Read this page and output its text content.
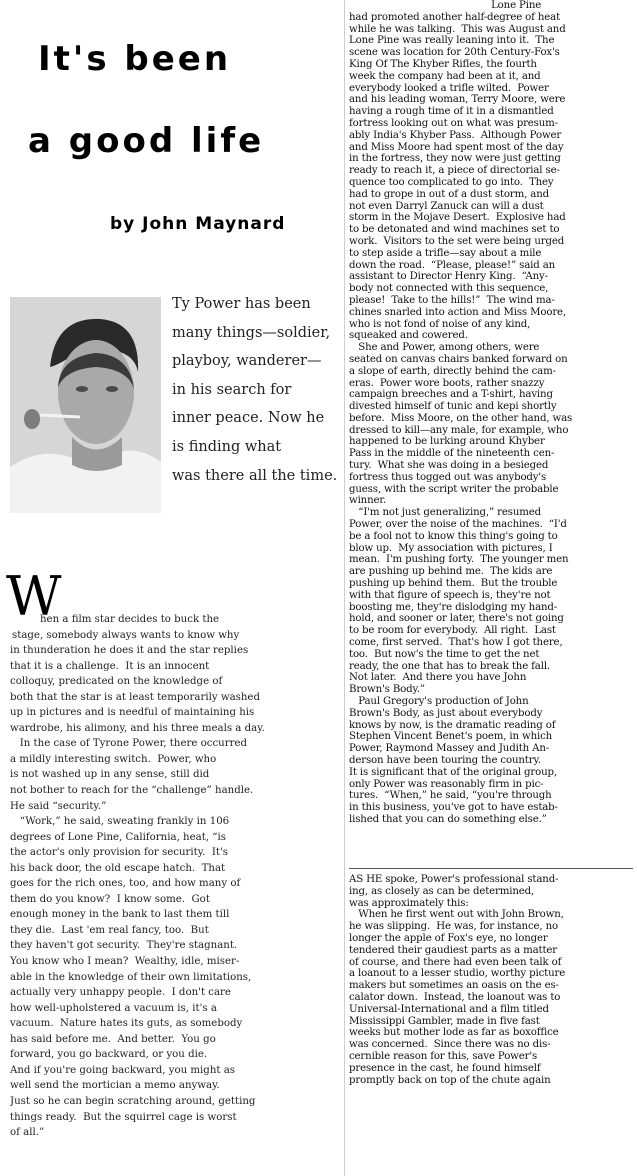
It's been
a good life
by John Maynard
Ty Power has been
many things—soldier,
playboy, wanderer—
in his search for
inner peace. Now he
is finding what
was there all the time.
W
hen a film star decides to buck the
stage, somebody always wants to know why
in thunderation he does it and the star replies
that it is a challenge.  It is an innocent
colloquy, predicated on the knowledge of
both that the star is at least temporarily washed
up in pictures and is needful of maintaining his
wardrobe, his alimony, and his three meals a day.
In the case of Tyrone Power, there occurred
a mildly interesting switch.  Power, who
is not washed up in any sense, still did
not bother to reach for the “challenge” handle.
He said “security.”
“Work,” he said, sweating frankly in 106
degrees of Lone Pine, California, heat, “is
the actor's only provision for security.  It's
his back door, the old escape hatch.  That
goes for the rich ones, too, and how many of
them do you know?  I know some.  Got
enough money in the bank to last them till
they die.  Last 'em real fancy, too.  But
they haven't got security.  They're stagnant.
You know who I mean?  Wealthy, idle, miser-
able in the knowledge of their own limitations,
actually very unhappy people.  I don't care
how well-upholstered a vacuum is, it's a
vacuum.  Nature hates its guts, as somebody
has said before me.  And better.  You go
forward, you go backward, or you die.
And if you're going backward, you might as
well send the mortician a memo anyway.
Just so he can begin scratching around, getting
things ready.  But the squirrel cage is worst
of all.”
Lone Pine
had promoted another half-degree of heat
while he was talking.  This was August and
Lone Pine was really leaning into it.  The
scene was location for 20th Century-Fox's
King Of The Khyber Rifles, the fourth
week the company had been at it, and
everybody looked a trifle wilted.  Power
and his leading woman, Terry Moore, were
having a rough time of it in a dismantled
fortress looking out on what was presum-
ably India's Khyber Pass.  Although Power
and Miss Moore had spent most of the day
in the fortress, they now were just getting
ready to reach it, a piece of directorial se-
quence too complicated to go into.  They
had to grope in out of a dust storm, and
not even Darryl Zanuck can will a dust
storm in the Mojave Desert.  Explosive had
to be detonated and wind machines set to
work.  Visitors to the set were being urged
to step aside a trifle—say about a mile
down the road.  “Please, please!” said an
assistant to Director Henry King.  “Any-
body not connected with this sequence,
please!  Take to the hills!”  The wind ma-
chines snarled into action and Miss Moore,
who is not fond of noise of any kind,
squeaked and cowered.
She and Power, among others, were
seated on canvas chairs banked forward on
a slope of earth, directly behind the cam-
eras.  Power wore boots, rather snazzy
campaign breeches and a T-shirt, having
divested himself of tunic and kepi shortly
before.  Miss Moore, on the other hand, was
dressed to kill—any male, for example, who
happened to be lurking around Khyber
Pass in the middle of the nineteenth cen-
tury.  What she was doing in a besieged
fortress thus togged out was anybody's
guess, with the script writer the probable
winner.
“I'm not just generalizing,” resumed
Power, over the noise of the machines.  “I'd
be a fool not to know this thing's going to
blow up.  My association with pictures, I
mean.  I'm pushing forty.  The younger men
are pushing up behind me.  The kids are
pushing up behind them.  But the trouble
with that figure of speech is, they're not
boosting me, they're dislodging my hand-
hold, and sooner or later, there's not going
to be room for everybody.  All right.  Last
come, first served.  That's how I got there,
too.  But now's the time to get the net
ready, the one that has to break the fall.
Not later.  And there you have John
Brown's Body.”
Paul Gregory's production of John
Brown's Body, as just about everybody
knows by now, is the dramatic reading of
Stephen Vincent Benet's poem, in which
Power, Raymond Massey and Judith An-
derson have been touring the country.
It is significant that of the original group,
only Power was reasonably firm in pic-
tures.  “When,” he said, “you're through
in this business, you've got to have estab-
lished that you can do something else.”
AS HE spoke, Power's professional stand-
ing, as closely as can be determined,
was approximately this:
When he first went out with John Brown,
he was slipping.  He was, for instance, no
longer the apple of Fox's eye, no longer
tendered their gaudiest parts as a matter
of course, and there had even been talk of
a loanout to a lesser studio, worthy picture
makers but sometimes an oasis on the es-
calator down.  Instead, the loanout was to
Universal-International and a film titled
Mississippi Gambler, made in five fast
weeks but mother lode as far as boxoffice
was concerned.  Since there was no dis-
cernible reason for this, save Power's
presence in the cast, he found himself
promptly back on top of the chute again
